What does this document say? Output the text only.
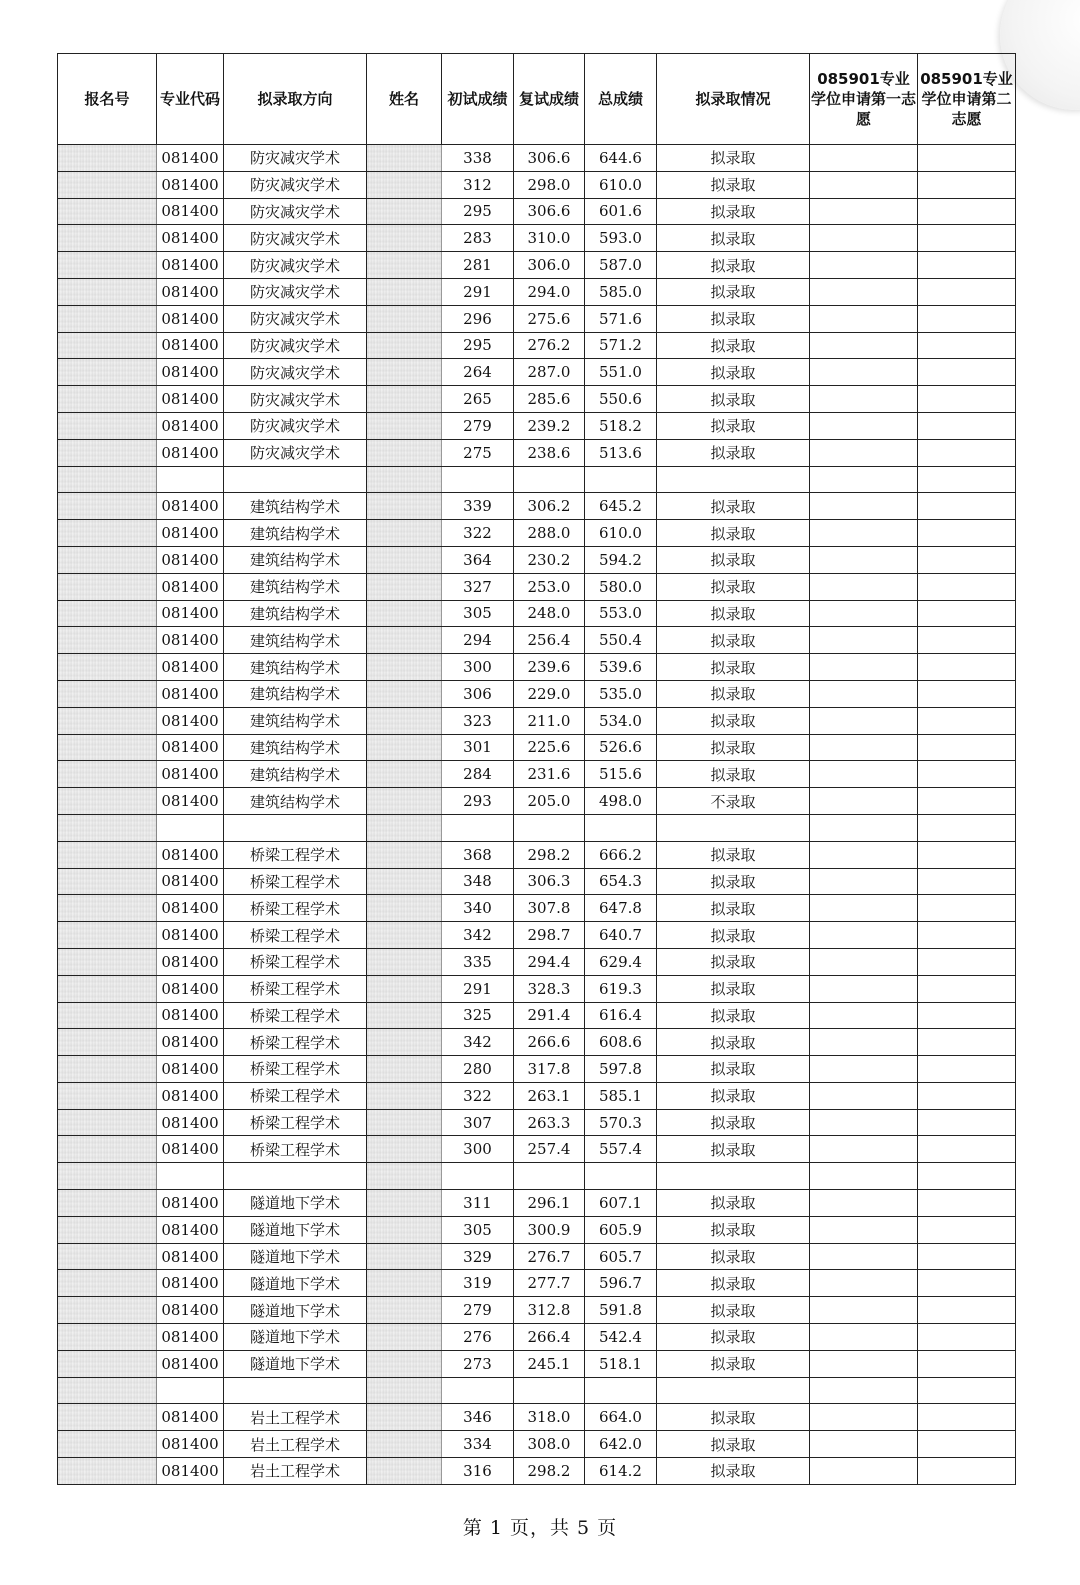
报名号	专业代码	拟录取方向	姓名	初试成绩	复试成绩	总成绩	拟录取情况	085901专业学位申请第一志愿	085901专业学位申请第二志愿
	081400	防灾减灾学术		338	306.6	644.6	拟录取		
	081400	防灾减灾学术		312	298.0	610.0	拟录取		
	081400	防灾减灾学术		295	306.6	601.6	拟录取		
	081400	防灾减灾学术		283	310.0	593.0	拟录取		
	081400	防灾减灾学术		281	306.0	587.0	拟录取		
	081400	防灾减灾学术		291	294.0	585.0	拟录取		
	081400	防灾减灾学术		296	275.6	571.6	拟录取		
	081400	防灾减灾学术		295	276.2	571.2	拟录取		
	081400	防灾减灾学术		264	287.0	551.0	拟录取		
	081400	防灾减灾学术		265	285.6	550.6	拟录取		
	081400	防灾减灾学术		279	239.2	518.2	拟录取		
	081400	防灾减灾学术		275	238.6	513.6	拟录取		

	081400	建筑结构学术		339	306.2	645.2	拟录取		
	081400	建筑结构学术		322	288.0	610.0	拟录取		
	081400	建筑结构学术		364	230.2	594.2	拟录取		
	081400	建筑结构学术		327	253.0	580.0	拟录取		
	081400	建筑结构学术		305	248.0	553.0	拟录取		
	081400	建筑结构学术		294	256.4	550.4	拟录取		
	081400	建筑结构学术		300	239.6	539.6	拟录取		
	081400	建筑结构学术		306	229.0	535.0	拟录取		
	081400	建筑结构学术		323	211.0	534.0	拟录取		
	081400	建筑结构学术		301	225.6	526.6	拟录取		
	081400	建筑结构学术		284	231.6	515.6	拟录取		
	081400	建筑结构学术		293	205.0	498.0	不录取		

	081400	桥梁工程学术		368	298.2	666.2	拟录取		
	081400	桥梁工程学术		348	306.3	654.3	拟录取		
	081400	桥梁工程学术		340	307.8	647.8	拟录取		
	081400	桥梁工程学术		342	298.7	640.7	拟录取		
	081400	桥梁工程学术		335	294.4	629.4	拟录取		
	081400	桥梁工程学术		291	328.3	619.3	拟录取		
	081400	桥梁工程学术		325	291.4	616.4	拟录取		
	081400	桥梁工程学术		342	266.6	608.6	拟录取		
	081400	桥梁工程学术		280	317.8	597.8	拟录取		
	081400	桥梁工程学术		322	263.1	585.1	拟录取		
	081400	桥梁工程学术		307	263.3	570.3	拟录取		
	081400	桥梁工程学术		300	257.4	557.4	拟录取		

	081400	隧道地下学术		311	296.1	607.1	拟录取		
	081400	隧道地下学术		305	300.9	605.9	拟录取		
	081400	隧道地下学术		329	276.7	605.7	拟录取		
	081400	隧道地下学术		319	277.7	596.7	拟录取		
	081400	隧道地下学术		279	312.8	591.8	拟录取		
	081400	隧道地下学术		276	266.4	542.4	拟录取		
	081400	隧道地下学术		273	245.1	518.1	拟录取		

	081400	岩土工程学术		346	318.0	664.0	拟录取		
	081400	岩土工程学术		334	308.0	642.0	拟录取		
	081400	岩土工程学术		316	298.2	614.2	拟录取		
第 1 页，共 5 页
